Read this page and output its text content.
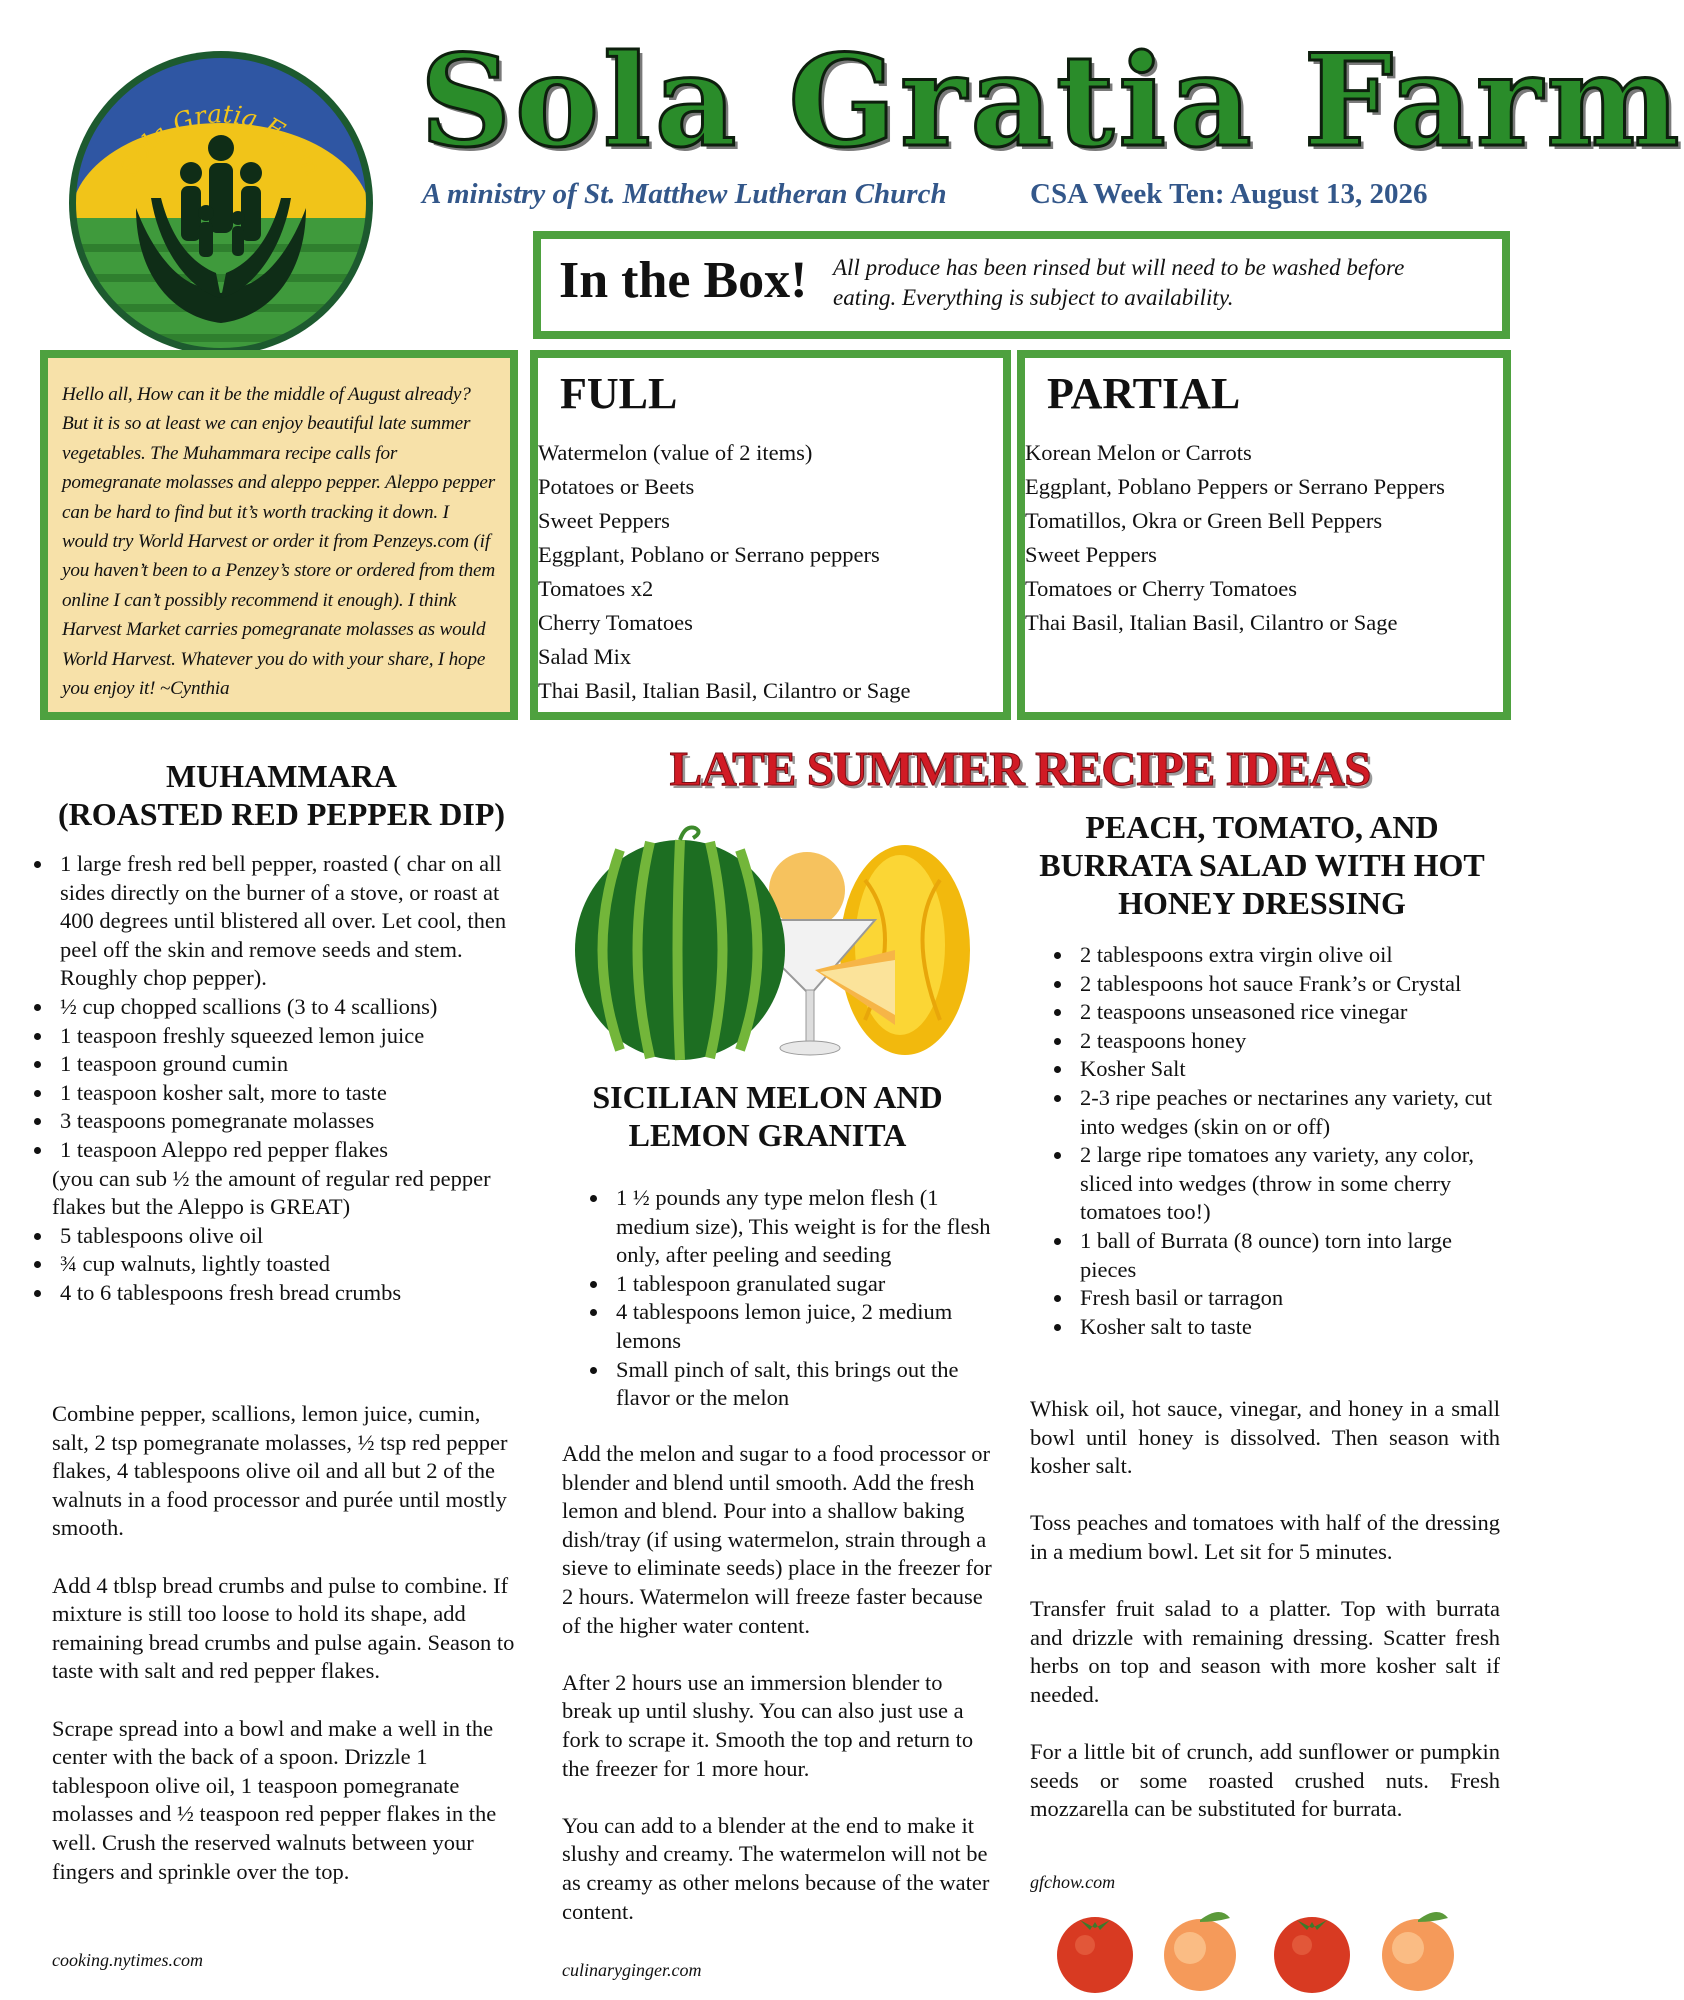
Sola Gratia Farm Sola Gratia Farm
A ministry of St. Matthew Lutheran Church	CSA Week Ten: August 13, 2026
In the Box! All produce has been rinsed but will need to be washed before eating. Everything is subject to availability.
Hello all, How can it be the middle of August already? But it is so at least we can enjoy beautiful late summer vegetables. The Muhammara recipe calls for pomegranate molasses and aleppo pepper. Aleppo pepper can be hard to find but it’s worth tracking it down. I would try World Harvest or order it from Penzeys.com (if you haven’t been to a Penzey’s store or ordered from them online I can’t possibly recommend it enough). I think Harvest Market carries pomegranate molasses as would World Harvest. Whatever you do with your share, I hope you enjoy it! ~Cynthia
FULL
Watermelon (value of 2 items)
Potatoes or Beets
Sweet Peppers
Eggplant, Poblano or Serrano peppers
Tomatoes x2
Cherry Tomatoes
Salad Mix
Thai Basil, Italian Basil, Cilantro or Sage
PARTIAL
Korean Melon or Carrots
Eggplant, Poblano Peppers or Serrano Peppers
Tomatillos, Okra or Green Bell Peppers
Sweet Peppers
Tomatoes or Cherry Tomatoes
Thai Basil, Italian Basil, Cilantro or Sage
LATE SUMMER RECIPE IDEAS
MUHAMMARA
(ROASTED RED PEPPER DIP)
• 1 large fresh red bell pepper, roasted ( char on all sides directly on the burner of a stove, or roast at 400 degrees until blistered all over. Let cool, then peel off the skin and remove seeds and stem. Roughly chop pepper).
• ½ cup chopped scallions (3 to 4 scallions)
• 1 teaspoon freshly squeezed lemon juice
• 1 teaspoon ground cumin
• 1 teaspoon kosher salt, more to taste
• 3 teaspoons pomegranate molasses
• 1 teaspoon Aleppo red pepper flakes
(you can sub ½ the amount of regular red pepper flakes but the Aleppo is GREAT)
• 5 tablespoons olive oil
• ¾ cup walnuts, lightly toasted
• 4 to 6 tablespoons fresh bread crumbs

Combine pepper, scallions, lemon juice, cumin, salt, 2 tsp pomegranate molasses, ½ tsp red pepper flakes, 4 tablespoons olive oil and all but 2 of the walnuts in a food processor and purée until mostly smooth.

Add 4 tblsp bread crumbs and pulse to combine. If mixture is still too loose to hold its shape, add remaining bread crumbs and pulse again. Season to taste with salt and red pepper flakes.

Scrape spread into a bowl and make a well in the center with the back of a spoon. Drizzle 1 tablespoon olive oil, 1 teaspoon pomegranate molasses and ½ teaspoon red pepper flakes in the well. Crush the reserved walnuts between your fingers and sprinkle over the top.

cooking.nytimes.com
SICILIAN MELON AND
LEMON GRANITA
• 1 ½ pounds any type melon flesh (1 medium size), This weight is for the flesh only, after peeling and seeding
• 1 tablespoon granulated sugar
• 4 tablespoons lemon juice, 2 medium lemons
• Small pinch of salt, this brings out the flavor or the melon

Add the melon and sugar to a food processor or blender and blend until smooth. Add the fresh lemon and blend. Pour into a shallow baking dish/tray (if using watermelon, strain through a sieve to eliminate seeds) place in the freezer for 2 hours. Watermelon will freeze faster because of the higher water content.

After 2 hours use an immersion blender to break up until slushy. You can also just use a fork to scrape it. Smooth the top and return to the freezer for 1 more hour.

You can add to a blender at the end to make it slushy and creamy. The watermelon will not be as creamy as other melons because of the water content.

culinaryginger.com
PEACH, TOMATO, AND
BURRATA SALAD WITH HOT
HONEY DRESSING
• 2 tablespoons extra virgin olive oil
• 2 tablespoons hot sauce Frank’s or Crystal
• 2 teaspoons unseasoned rice vinegar
• 2 teaspoons honey
• Kosher Salt
• 2-3 ripe peaches or nectarines any variety, cut into wedges (skin on or off)
• 2 large ripe tomatoes any variety, any color, sliced into wedges (throw in some cherry tomatoes too!)
• 1 ball of Burrata (8 ounce) torn into large pieces
• Fresh basil or tarragon
• Kosher salt to taste

Whisk oil, hot sauce, vinegar, and honey in a small bowl until honey is dissolved. Then season with kosher salt.

Toss peaches and tomatoes with half of the dressing in a medium bowl. Let sit for 5 minutes.

Transfer fruit salad to a platter. Top with burrata and drizzle with remaining dressing. Scatter fresh herbs on top and season with more kosher salt if needed.

For a little bit of crunch, add sunflower or pumpkin seeds or some roasted crushed nuts. Fresh mozzarella can be substituted for burrata.

gfchow.com
